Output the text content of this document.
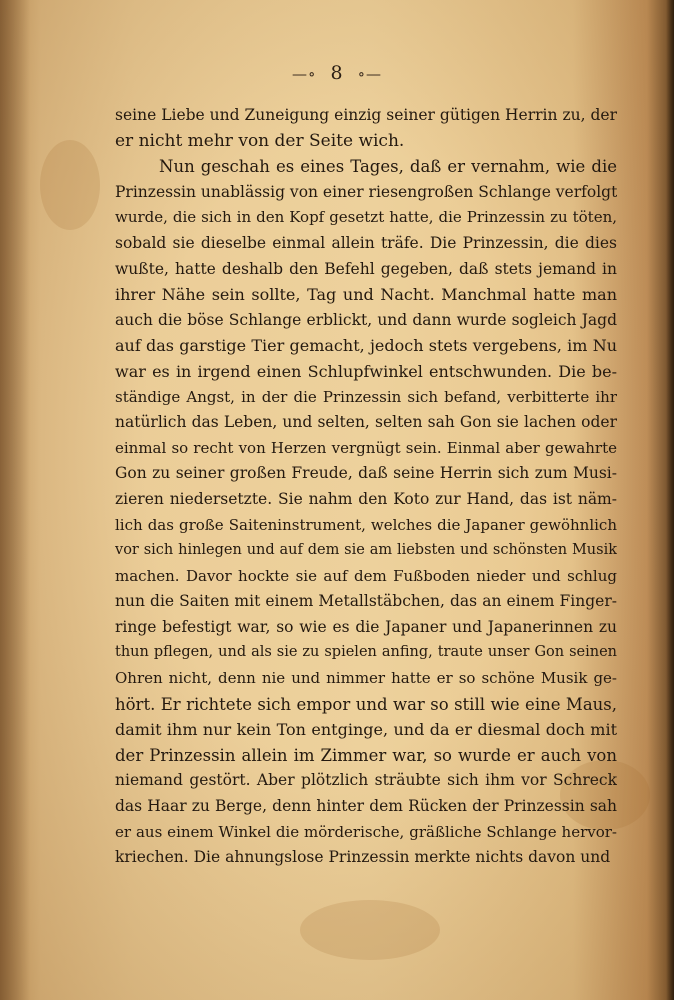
—∘ 8 ∘—
seine Liebe und Zuneigung einzig seiner gütigen Herrin zu, der
er nicht mehr von der Seite wich.
Nun geschah es eines Tages, daß er vernahm, wie die
Prinzessin unablässig von einer riesengroßen Schlange verfolgt
wurde, die sich in den Kopf gesetzt hatte, die Prinzessin zu töten,
sobald sie dieselbe einmal allein träfe. Die Prinzessin, die dies
wußte, hatte deshalb den Befehl gegeben, daß stets jemand in
ihrer Nähe sein sollte, Tag und Nacht. Manchmal hatte man
auch die böse Schlange erblickt, und dann wurde sogleich Jagd
auf das garstige Tier gemacht, jedoch stets vergebens, im Nu
war es in irgend einen Schlupfwinkel entschwunden. Die be-
ständige Angst, in der die Prinzessin sich befand, verbitterte ihr
natürlich das Leben, und selten, selten sah Gon sie lachen oder
einmal so recht von Herzen vergnügt sein. Einmal aber gewahrte
Gon zu seiner großen Freude, daß seine Herrin sich zum Musi-
zieren niedersetzte. Sie nahm den Koto zur Hand, das ist näm-
lich das große Saiteninstrument, welches die Japaner gewöhnlich
vor sich hinlegen und auf dem sie am liebsten und schönsten Musik
machen. Davor hockte sie auf dem Fußboden nieder und schlug
nun die Saiten mit einem Metallstäbchen, das an einem Finger-
ringe befestigt war, so wie es die Japaner und Japanerinnen zu
thun pflegen, und als sie zu spielen anfing, traute unser Gon seinen
Ohren nicht, denn nie und nimmer hatte er so schöne Musik ge-
hört. Er richtete sich empor und war so still wie eine Maus,
damit ihm nur kein Ton entginge, und da er diesmal doch mit
der Prinzessin allein im Zimmer war, so wurde er auch von
niemand gestört. Aber plötzlich sträubte sich ihm vor Schreck
das Haar zu Berge, denn hinter dem Rücken der Prinzessin sah
er aus einem Winkel die mörderische, gräßliche Schlange hervor-
kriechen. Die ahnungslose Prinzessin merkte nichts davon und
